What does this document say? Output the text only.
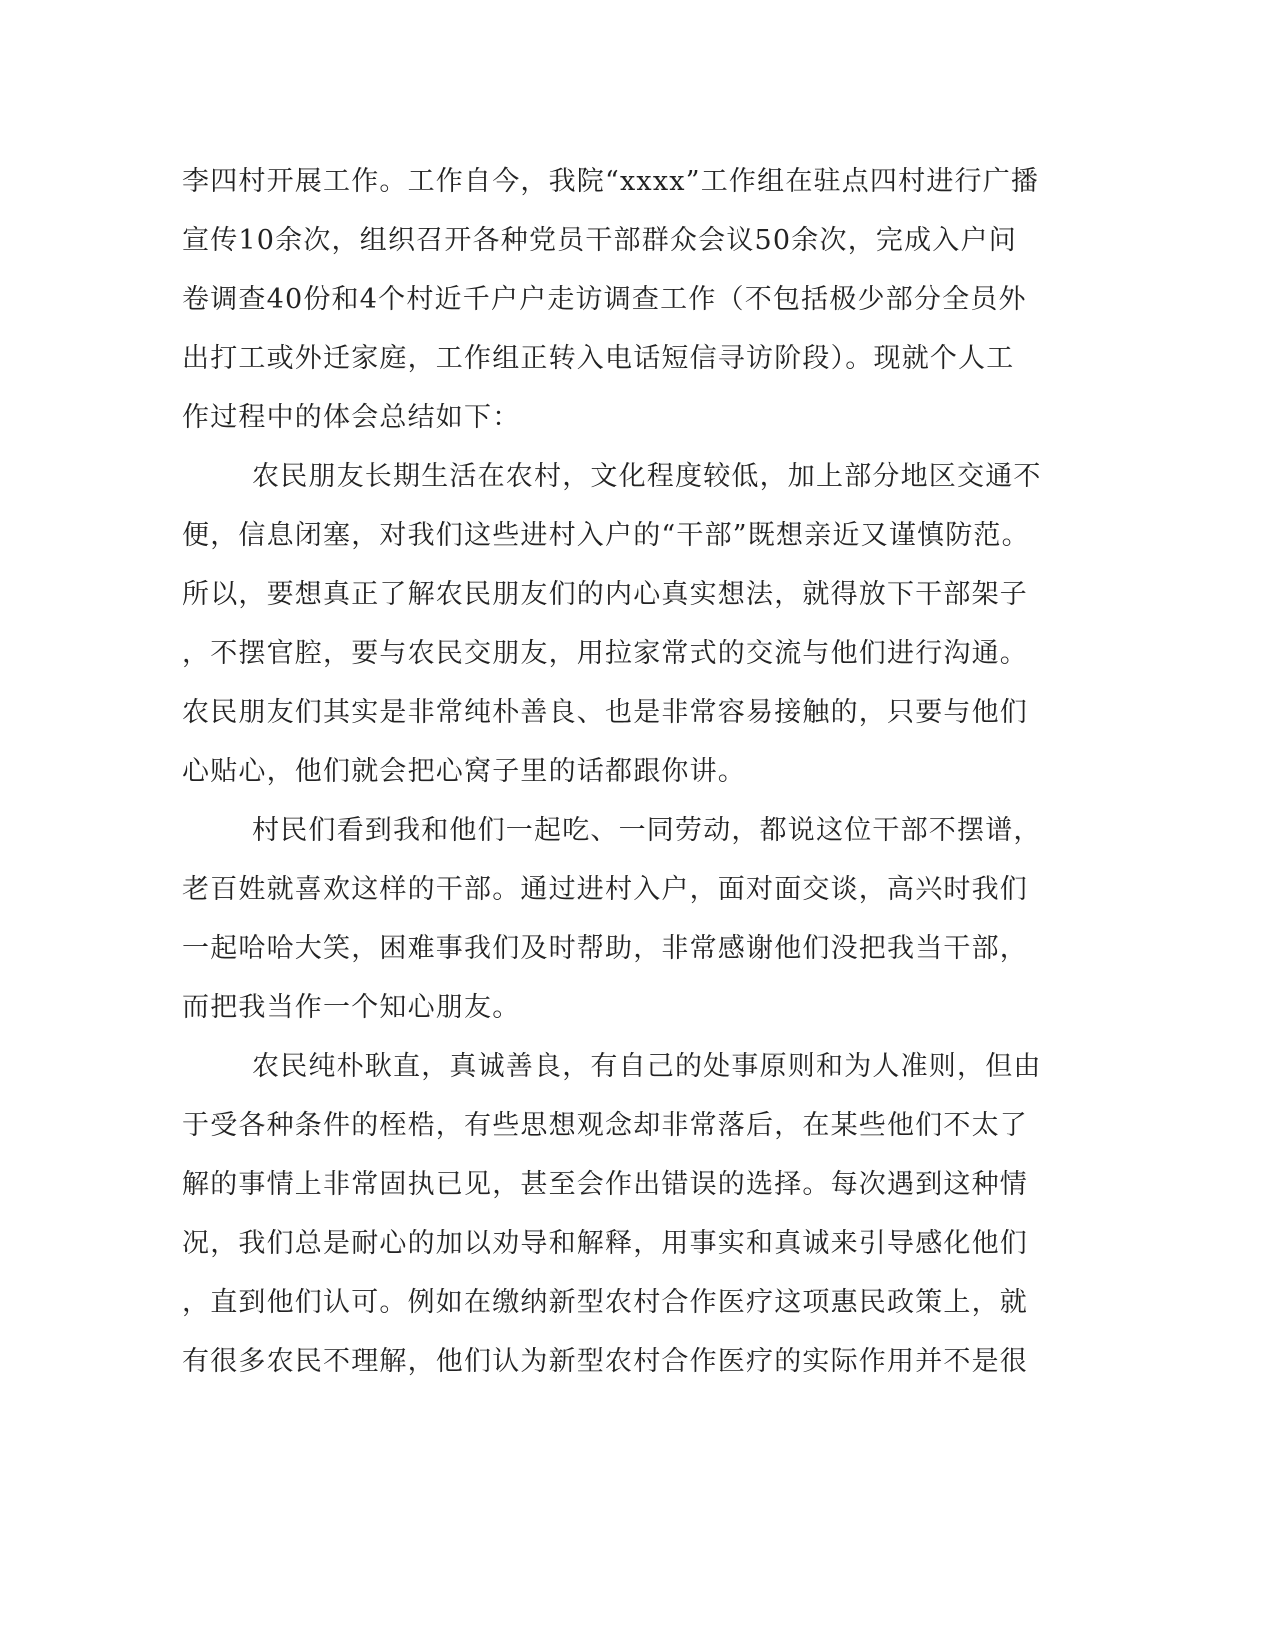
李四村开展工作。工作自今，我院“xxxx”工作组在驻点四村进行广播
宣传10余次，组织召开各种党员干部群众会议50余次，完成入户问
卷调查40份和4个村近千户户走访调查工作（不包括极少部分全员外
出打工或外迁家庭，工作组正转入电话短信寻访阶段）。现就个人工
作过程中的体会总结如下：
农民朋友长期生活在农村，文化程度较低，加上部分地区交通不
便，信息闭塞，对我们这些进村入户的“干部”既想亲近又谨慎防范。
所以，要想真正了解农民朋友们的内心真实想法，就得放下干部架子
，不摆官腔，要与农民交朋友，用拉家常式的交流与他们进行沟通。
农民朋友们其实是非常纯朴善良、也是非常容易接触的，只要与他们
心贴心，他们就会把心窝子里的话都跟你讲。
村民们看到我和他们一起吃、一同劳动，都说这位干部不摆谱，
老百姓就喜欢这样的干部。通过进村入户，面对面交谈，高兴时我们
一起哈哈大笑，困难事我们及时帮助，非常感谢他们没把我当干部，
而把我当作一个知心朋友。
农民纯朴耿直，真诚善良，有自己的处事原则和为人准则，但由
于受各种条件的桎梏，有些思想观念却非常落后，在某些他们不太了
解的事情上非常固执已见，甚至会作出错误的选择。每次遇到这种情
况，我们总是耐心的加以劝导和解释，用事实和真诚来引导感化他们
，直到他们认可。例如在缴纳新型农村合作医疗这项惠民政策上，就
有很多农民不理解，他们认为新型农村合作医疗的实际作用并不是很
